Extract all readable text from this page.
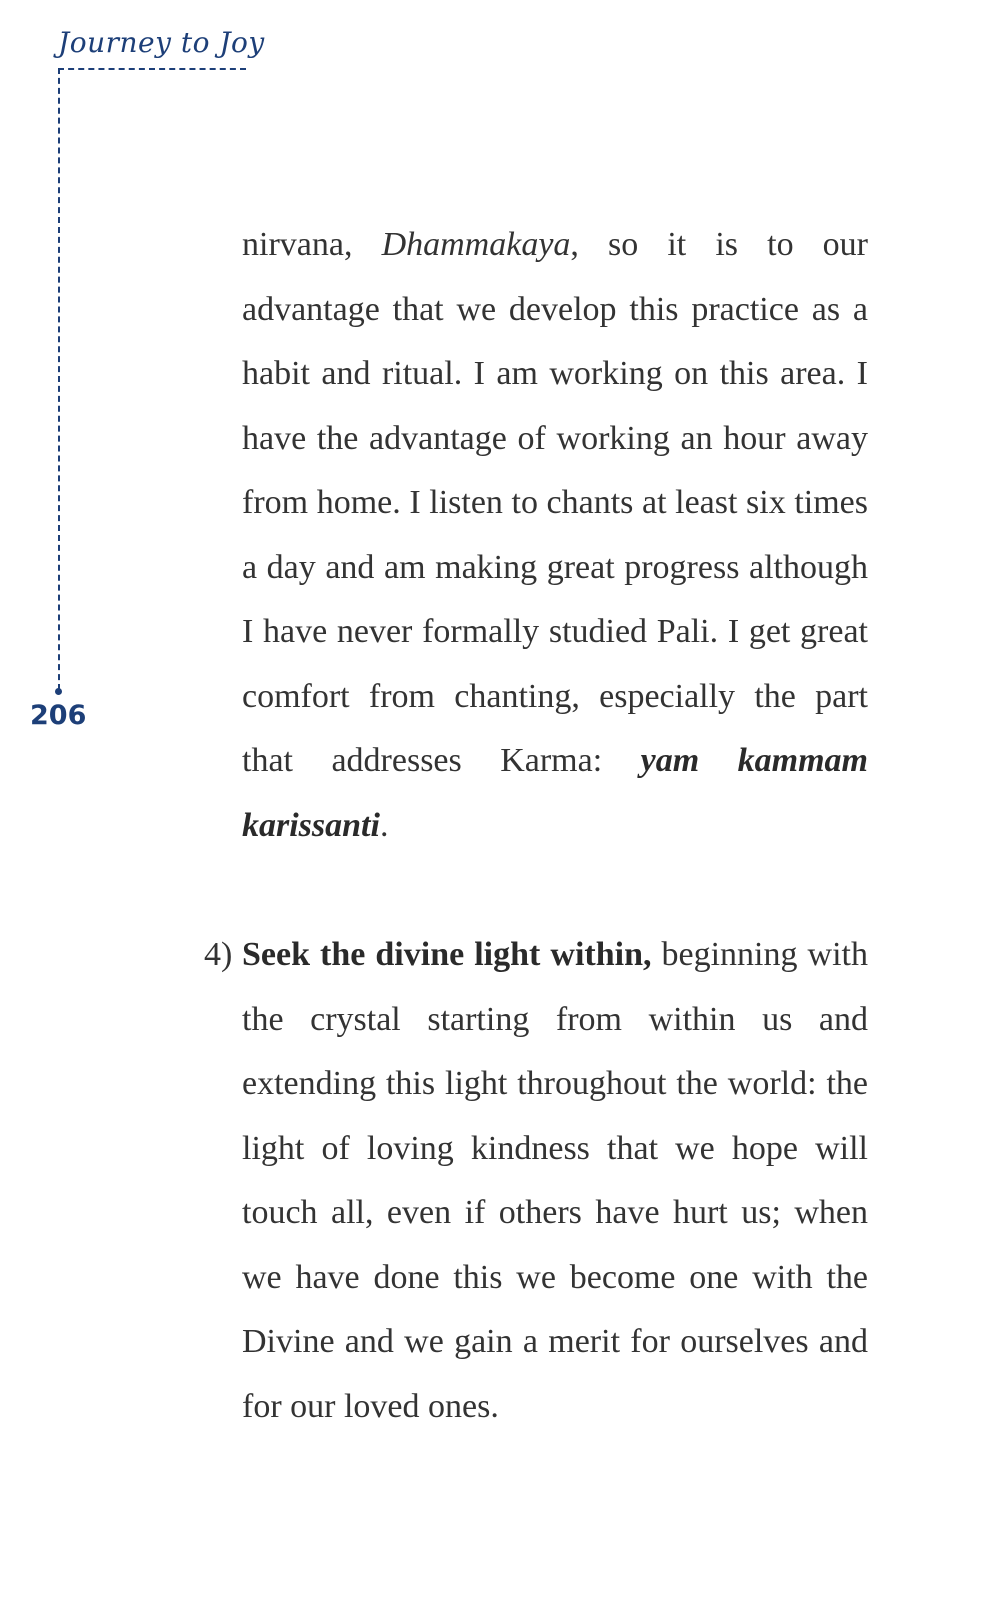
Journey to Joy
206

nirvana, Dhammakaya, so it is to our advantage that we develop this practice as a habit and ritual. I am working on this area. I have the advantage of working an hour away from home. I listen to chants at least six times a day and am making great progress although I have never formally studied Pali. I get great comfort from chanting, especially the part that addresses Karma: yam kammam karissanti.

4) Seek the divine light within, beginning with the crystal starting from within us and extending this light throughout the world: the light of loving kindness that we hope will touch all, even if others have hurt us; when we have done this we become one with the Divine and we gain a merit for ourselves and for our loved ones.
